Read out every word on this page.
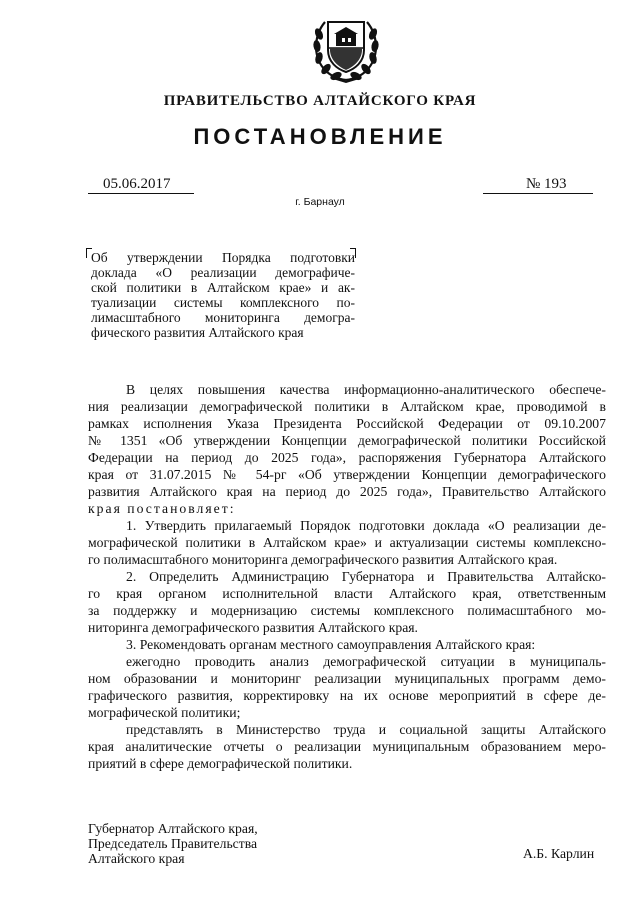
ПРАВИТЕЛЬСТВО АЛТАЙСКОГО КРАЯ
ПОСТАНОВЛЕНИЕ
05.06.2017	№ 193
г. Барнаул
Об утверждении Порядка подготовки
доклада «О реализации демографиче-
ской политики в Алтайском крае» и ак-
туализации системы комплексного по-
лимасштабного мониторинга демогра-
фического развития Алтайского края
В целях повышения качества информационно-аналитического обеспече-
ния реализации демографической политики в Алтайском крае, проводимой в
рамках исполнения Указа Президента Российской Федерации от 09.10.2007
№ 1351 «Об утверждении Концепции демографической политики Российской
Федерации на период до 2025 года», распоряжения Губернатора Алтайского
края от 31.07.2015 № 54-рг «Об утверждении Концепции демографического
развития Алтайского края на период до 2025 года», Правительство Алтайского
края постановляет:
1. Утвердить прилагаемый Порядок подготовки доклада «О реализации де-
мографической политики в Алтайском крае» и актуализации системы комплексно-
го полимасштабного мониторинга демографического развития Алтайского края.
2. Определить Администрацию Губернатора и Правительства Алтайско-
го края органом исполнительной власти Алтайского края, ответственным
за поддержку и модернизацию системы комплексного полимасштабного мо-
ниторинга демографического развития Алтайского края.
3. Рекомендовать органам местного самоуправления Алтайского края:
ежегодно проводить анализ демографической ситуации в муниципаль-
ном образовании и мониторинг реализации муниципальных программ демо-
графического развития, корректировку на их основе мероприятий в сфере де-
мографической политики;
представлять в Министерство труда и социальной защиты Алтайского
края аналитические отчеты о реализации муниципальным образованием меро-
приятий в сфере демографической политики.
Губернатор Алтайского края,
Председатель Правительства
Алтайского края	А.Б. Карлин
